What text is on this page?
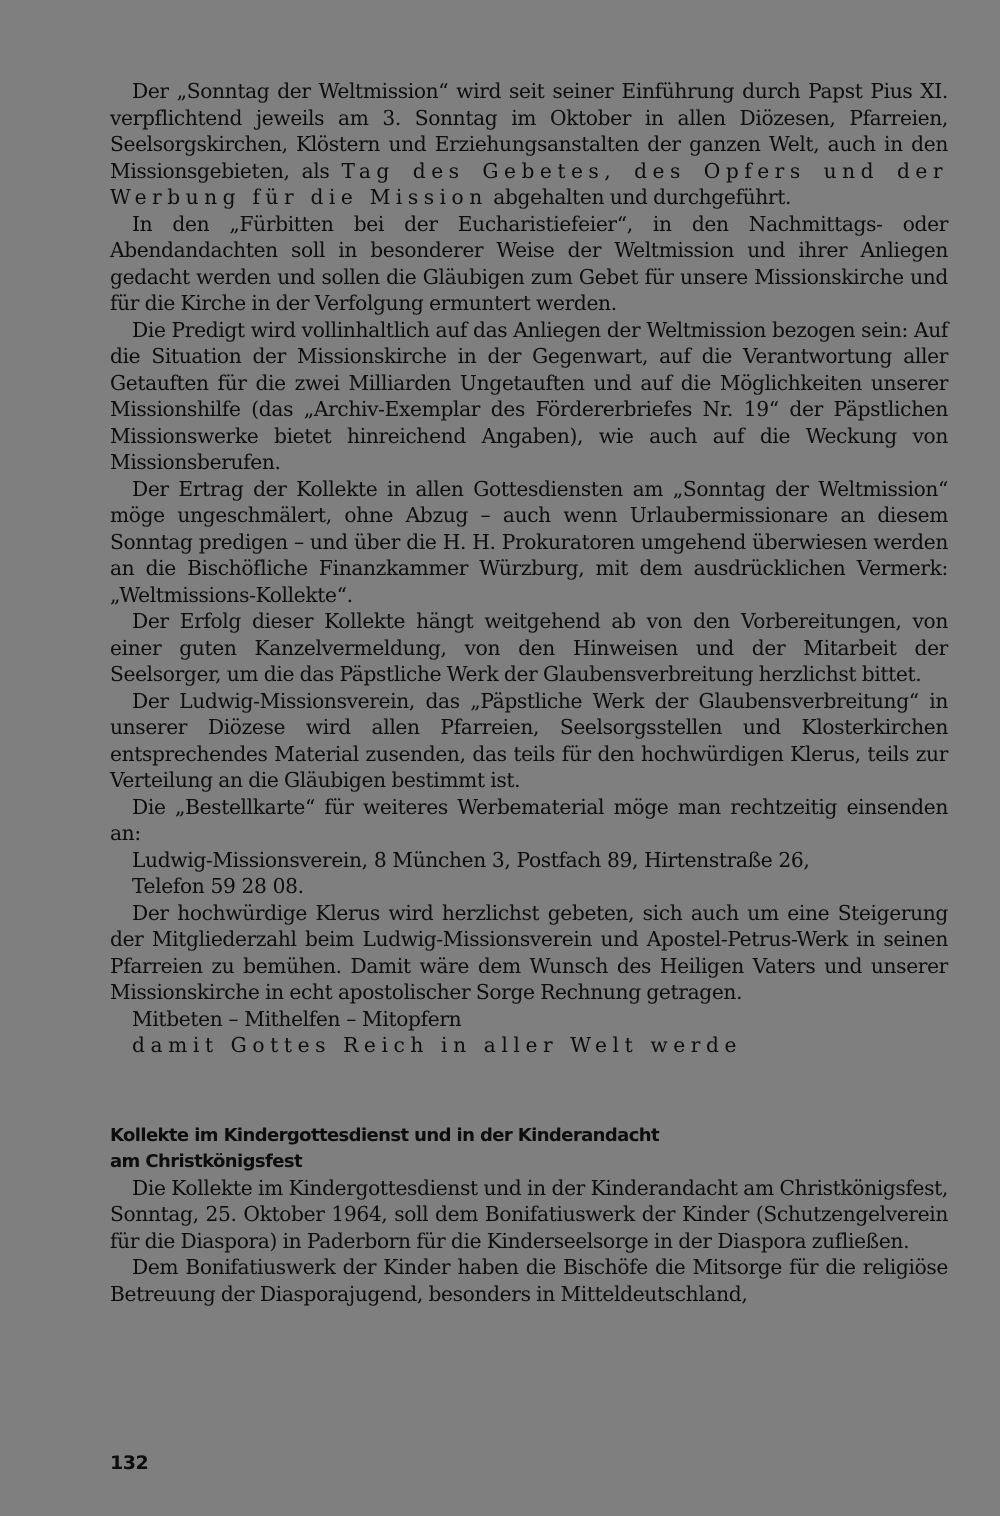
Der „Sonntag der Weltmission“ wird seit seiner Einführung durch Papst Pius XI. verpflichtend jeweils am 3. Sonntag im Oktober in allen Diözesen, Pfarreien, Seelsorgskirchen, Klöstern und Erziehungsanstalten der ganzen Welt, auch in den Missionsgebieten, als Tag des Gebetes, des Opfers und der Werbung für die Mission abgehalten und durchgeführt.

In den „Fürbitten bei der Eucharistiefeier“, in den Nachmittags- oder Abendandachten soll in besonderer Weise der Weltmission und ihrer Anliegen gedacht werden und sollen die Gläubigen zum Gebet für unsere Missionskirche und für die Kirche in der Verfolgung ermuntert werden.

Die Predigt wird vollinhaltlich auf das Anliegen der Weltmission bezogen sein: Auf die Situation der Missionskirche in der Gegenwart, auf die Verantwortung aller Getauften für die zwei Milliarden Ungetauften und auf die Möglichkeiten unserer Missionshilfe (das „Archiv-Exemplar des Fördererbriefes Nr. 19“ der Päpstlichen Missionswerke bietet hinreichend Angaben), wie auch auf die Weckung von Missionsberufen.

Der Ertrag der Kollekte in allen Gottesdiensten am „Sonntag der Weltmission“ möge ungeschmälert, ohne Abzug – auch wenn Urlaubermissionare an diesem Sonntag predigen – und über die H. H. Prokuratoren umgehend überwiesen werden an die Bischöfliche Finanzkammer Würzburg, mit dem ausdrücklichen Vermerk: „Weltmissions-Kollekte“.

Der Erfolg dieser Kollekte hängt weitgehend ab von den Vorbereitungen, von einer guten Kanzelvermeldung, von den Hinweisen und der Mitarbeit der Seelsorger, um die das Päpstliche Werk der Glaubensverbreitung herzlichst bittet.

Der Ludwig-Missionsverein, das „Päpstliche Werk der Glaubensverbreitung“ in unserer Diözese wird allen Pfarreien, Seelsorgsstellen und Klosterkirchen entsprechendes Material zusenden, das teils für den hochwürdigen Klerus, teils zur Verteilung an die Gläubigen bestimmt ist.

Die „Bestellkarte“ für weiteres Werbematerial möge man rechtzeitig einsenden an:

Ludwig-Missionsverein, 8 München 3, Postfach 89, Hirtenstraße 26,

Telefon 59 28 08.

Der hochwürdige Klerus wird herzlichst gebeten, sich auch um eine Steigerung der Mitgliederzahl beim Ludwig-Missionsverein und Apostel-Petrus-Werk in seinen Pfarreien zu bemühen. Damit wäre dem Wunsch des Heiligen Vaters und unserer Missionskirche in echt apostolischer Sorge Rechnung getragen.

Mitbeten – Mithelfen – Mitopfern

damit Gottes Reich in aller Welt werde

Kollekte im Kindergottesdienst und in der Kinderandacht

am Christkönigsfest

Die Kollekte im Kindergottesdienst und in der Kinderandacht am Christkönigsfest, Sonntag, 25. Oktober 1964, soll dem Bonifatiuswerk der Kinder (Schutzengelverein für die Diaspora) in Paderborn für die Kinderseelsorge in der Diaspora zufließen.

Dem Bonifatiuswerk der Kinder haben die Bischöfe die Mitsorge für die religiöse Betreuung der Diasporajugend, besonders in Mitteldeutschland,

132
